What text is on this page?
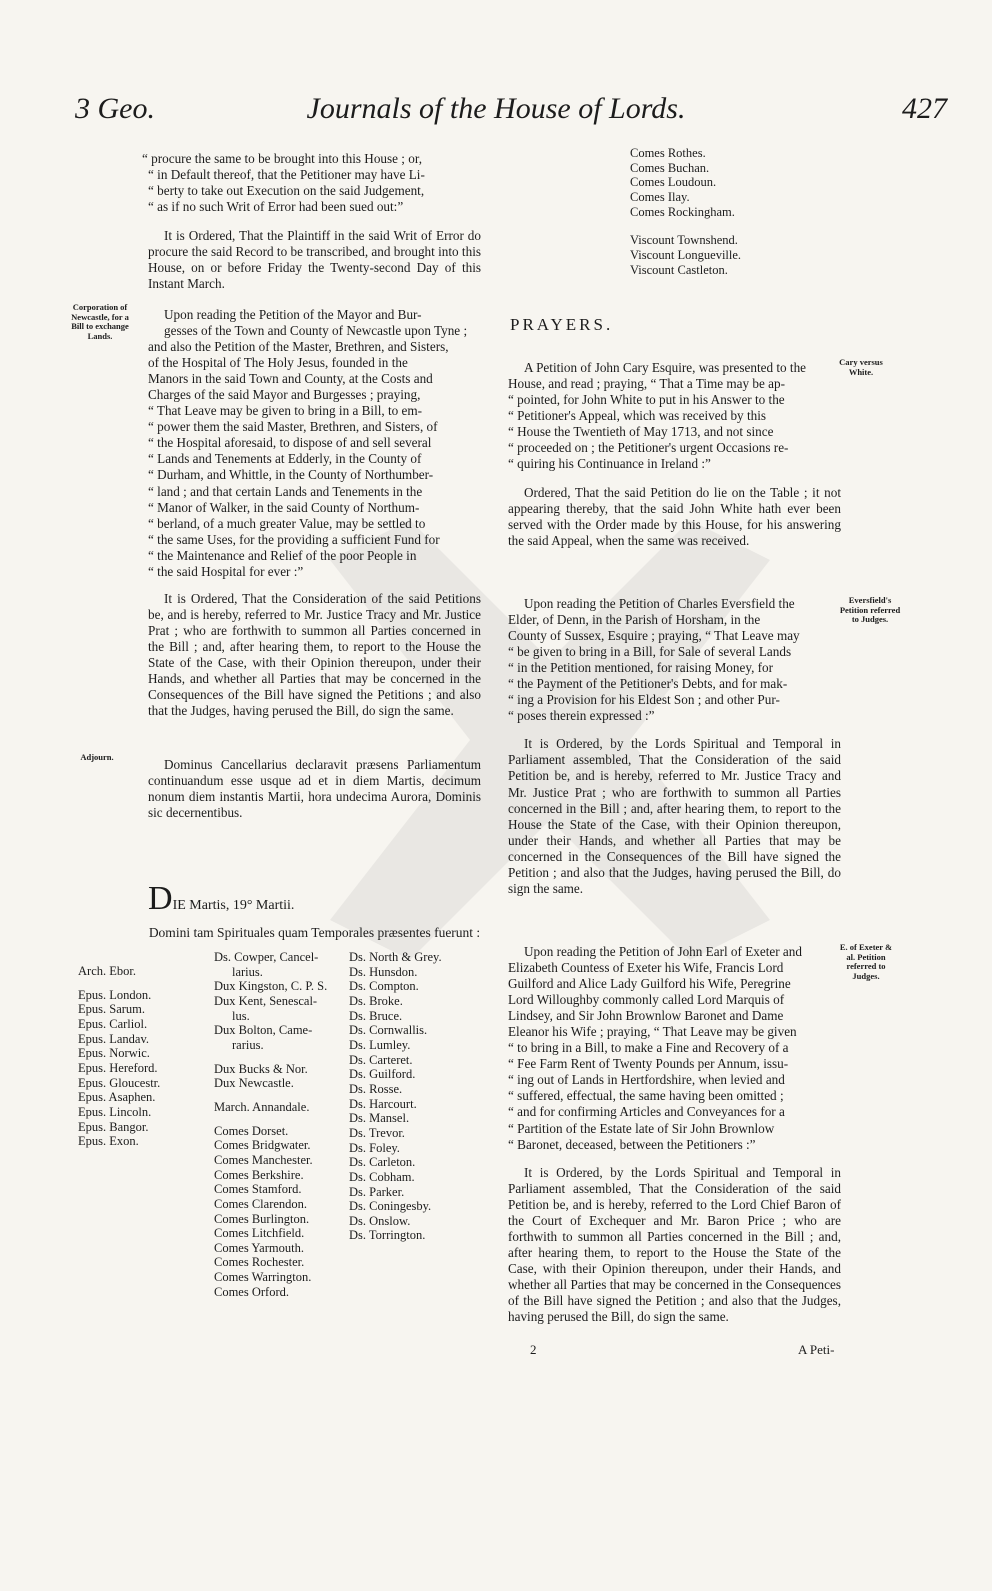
3 Geo.	Journals of the House of Lords.	427

“ procure the same to be brought into this House ; or,
“ in Default thereof, that the Petitioner may have Li-
“ berty to take out Execution on the said Judgement,
“ as if no such Writ of Error had been sued out:”

It is Ordered, That the Plaintiff in the said Writ of Error do procure the said Record to be transcribed, and brought into this House, on or before Friday the Twenty-second Day of this Instant March.

Corporation of Newcastle, for a Bill to exchange Lands.

Upon reading the Petition of the Mayor and Bur-
gesses of the Town and County of Newcastle upon Tyne ;
and also the Petition of the Master, Brethren, and Sisters,
of the Hospital of The Holy Jesus, founded in the
Manors in the said Town and County, at the Costs and
Charges of the said Mayor and Burgesses ; praying,
“ That Leave may be given to bring in a Bill, to em-
“ power them the said Master, Brethren, and Sisters, of
“ the Hospital aforesaid, to dispose of and sell several
“ Lands and Tenements at Edderly, in the County of
“ Durham, and Whittle, in the County of Northumber-
“ land ; and that certain Lands and Tenements in the
“ Manor of Walker, in the said County of Northum-
“ berland, of a much greater Value, may be settled to
“ the same Uses, for the providing a sufficient Fund for
“ the Maintenance and Relief of the poor People in
“ the said Hospital for ever :”

It is Ordered, That the Consideration of the said Petitions be, and is hereby, referred to Mr. Justice Tracy and Mr. Justice Prat ; who are forthwith to summon all Parties concerned in the Bill ; and, after hearing them, to report to the House the State of the Case, with their Opinion thereupon, under their Hands, and whether all Parties that may be concerned in the Consequences of the Bill have signed the Petitions ; and also that the Judges, having perused the Bill, do sign the same.

Adjourn.	Dominus Cancellarius declaravit præsens Parliamentum continuandum esse usque ad et in diem Martis, decimum nonum diem instantis Martii, hora undecima Aurora, Dominis sic decernentibus.

DIE Martis, 19° Martii.
Domini tam Spirituales quam Temporales præsentes fuerunt :
Arch. Ebor.
Epus. London.
Epus. Sarum.
Epus. Carliol.
Epus. Landav.
Epus. Norwic.
Epus. Hereford.
Epus. Gloucestr.
Epus. Asaphen.
Epus. Lincoln.
Epus. Bangor.
Epus. Exon.
Ds. Cowper, Cancel-
larius.
Dux Kingston, C. P. S.
Dux Kent, Senescal-
lus.
Dux Bolton, Came-
rarius.
Dux Bucks & Nor.
Dux Newcastle.
March. Annandale.
Comes Dorset.
Comes Bridgwater.
Comes Manchester.
Comes Berkshire.
Comes Stamford.
Comes Clarendon.
Comes Burlington.
Comes Litchfield.
Comes Yarmouth.
Comes Rochester.
Comes Warrington.
Comes Orford.
Ds. North & Grey.
Ds. Hunsdon.
Ds. Compton.
Ds. Broke.
Ds. Bruce.
Ds. Cornwallis.
Ds. Lumley.
Ds. Carteret.
Ds. Guilford.
Ds. Rosse.
Ds. Harcourt.
Ds. Mansel.
Ds. Trevor.
Ds. Foley.
Ds. Carleton.
Ds. Cobham.
Ds. Parker.
Ds. Coningesby.
Ds. Onslow.
Ds. Torrington.
Comes Rothes.
Comes Buchan.
Comes Loudoun.
Comes Ilay.
Comes Rockingham.
Viscount Townshend.
Viscount Longueville.
Viscount Castleton.
PRAYERS.
Cary versus White.

A Petition of John Cary Esquire, was presented to the
House, and read ; praying, “ That a Time may be ap-
“ pointed, for John White to put in his Answer to the
“ Petitioner's Appeal, which was received by this
“ House the Twentieth of May 1713, and not since
“ proceeded on ; the Petitioner's urgent Occasions re-
“ quiring his Continuance in Ireland :”

Ordered, That the said Petition do lie on the Table ; it not appearing thereby, that the said John White hath ever been served with the Order made by this House, for his answering the said Appeal, when the same was received.

Eversfield's Petition referred to Judges.

Upon reading the Petition of Charles Eversfield the
Elder, of Denn, in the Parish of Horsham, in the
County of Sussex, Esquire ; praying, “ That Leave may
“ be given to bring in a Bill, for Sale of several Lands
“ in the Petition mentioned, for raising Money, for
“ the Payment of the Petitioner's Debts, and for mak-
“ ing a Provision for his Eldest Son ; and other Pur-
“ poses therein expressed :”

It is Ordered, by the Lords Spiritual and Temporal in Parliament assembled, That the Consideration of the said Petition be, and is hereby, referred to Mr. Justice Tracy and Mr. Justice Prat ; who are forthwith to summon all Parties concerned in the Bill ; and, after hearing them, to report to the House the State of the Case, with their Opinion thereupon, under their Hands, and whether all Parties that may be concerned in the Consequences of the Bill have signed the Petition ; and also that the Judges, having perused the Bill, do sign the same.

E. of Exeter & al. Petition referred to Judges.

Upon reading the Petition of John Earl of Exeter and
Elizabeth Countess of Exeter his Wife, Francis Lord
Guilford and Alice Lady Guilford his Wife, Peregrine
Lord Willoughby commonly called Lord Marquis of
Lindsey, and Sir John Brownlow Baronet and Dame
Eleanor his Wife ; praying, “ That Leave may be given
“ to bring in a Bill, to make a Fine and Recovery of a
“ Fee Farm Rent of Twenty Pounds per Annum, issu-
“ ing out of Lands in Hertfordshire, when levied and
“ suffered, effectual, the same having been omitted ;
“ and for confirming Articles and Conveyances for a
“ Partition of the Estate late of Sir John Brownlow
“ Baronet, deceased, between the Petitioners :”

It is Ordered, by the Lords Spiritual and Temporal in Parliament assembled, That the Consideration of the said Petition be, and is hereby, referred to the Lord Chief Baron of the Court of Exchequer and Mr. Baron Price ; who are forthwith to summon all Parties concerned in the Bill ; and, after hearing them, to report to the House the State of the Case, with their Opinion thereupon, under their Hands, and whether all Parties that may be concerned in the Consequences of the Bill have signed the Petition ; and also that the Judges, having perused the Bill, do sign the same.

2	A Peti-
